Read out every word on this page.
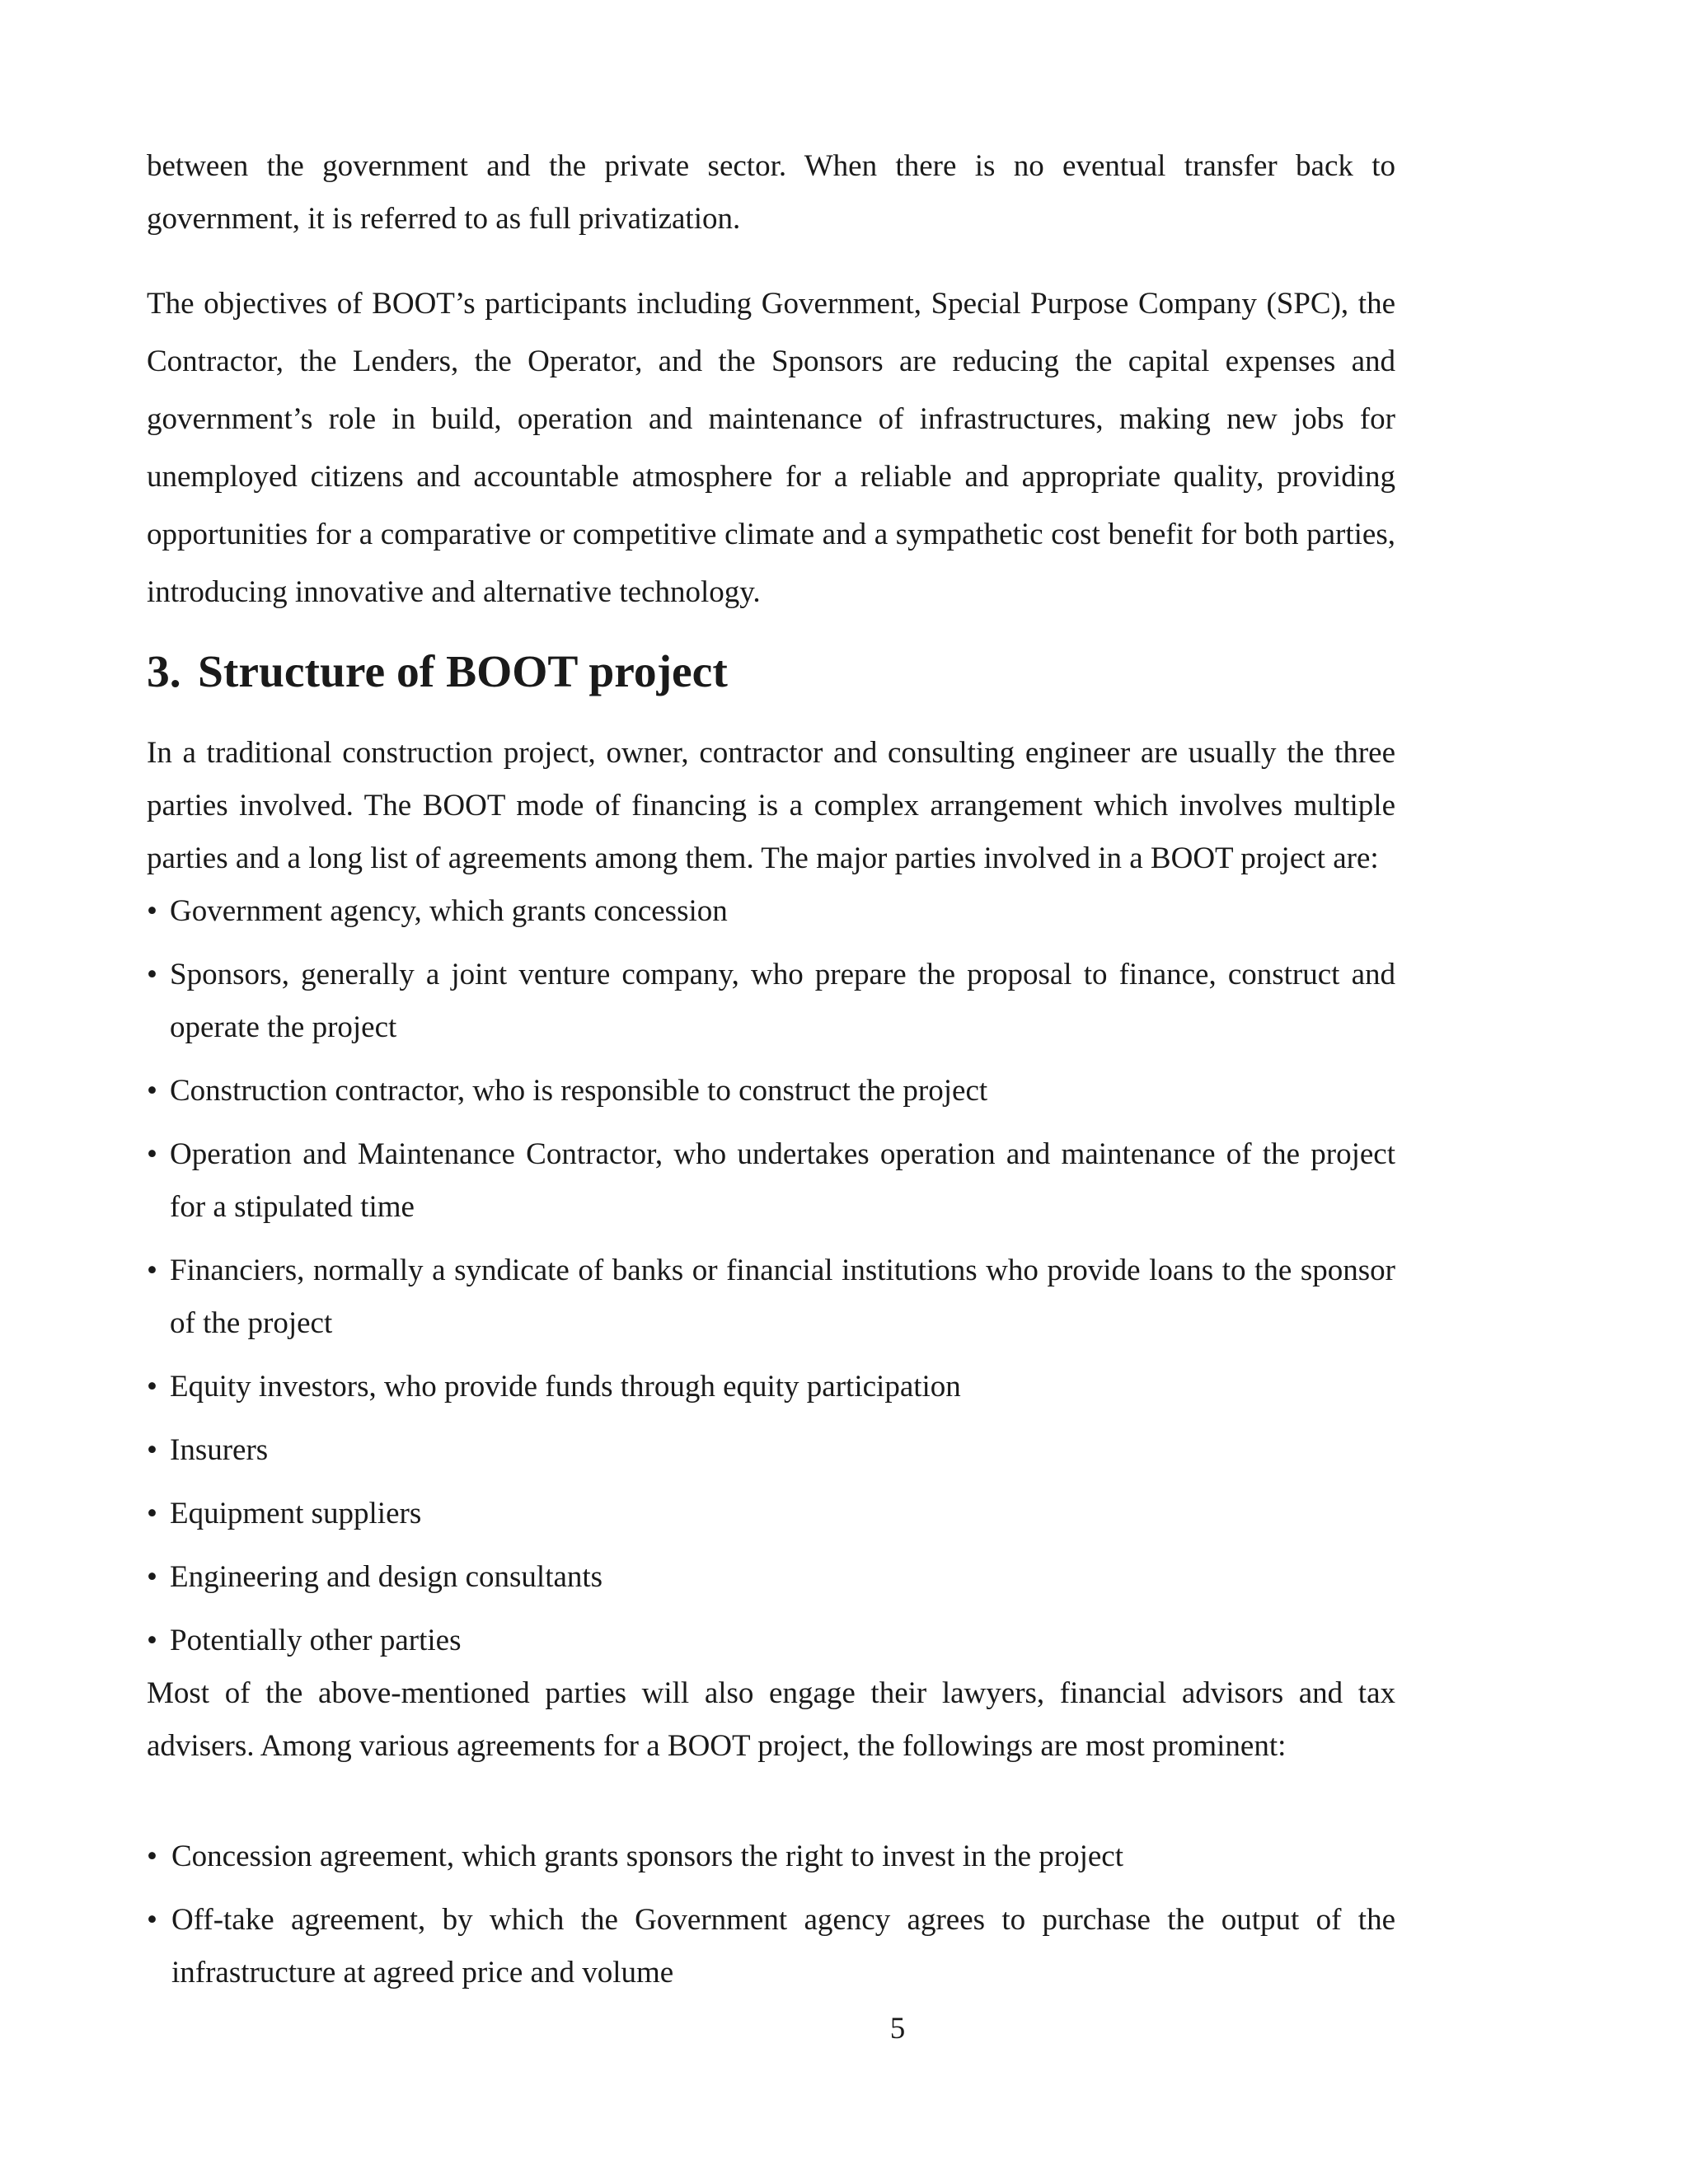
between the government and the private sector. When there is no eventual transfer back to government, it is referred to as full privatization.

The objectives of BOOT’s participants including Government, Special Purpose Company (SPC), the Contractor, the Lenders, the Operator, and the Sponsors are reducing the capital expenses and government’s role in build, operation and maintenance of infrastructures, making new jobs for unemployed citizens and accountable atmosphere for a reliable and appropriate quality, providing opportunities for a comparative or competitive climate and a sympathetic cost benefit for both parties, introducing innovative and alternative technology.

3. Structure of BOOT project

In a traditional construction project, owner, contractor and consulting engineer are usually the three parties involved. The BOOT mode of financing is a complex arrangement which involves multiple parties and a long list of agreements among them. The major parties involved in a BOOT project are:

• Government agency, which grants concession
• Sponsors, generally a joint venture company, who prepare the proposal to finance, construct and operate the project
• Construction contractor, who is responsible to construct the project
• Operation and Maintenance Contractor, who undertakes operation and maintenance of the project for a stipulated time
• Financiers, normally a syndicate of banks or financial institutions who provide loans to the sponsor of the project
• Equity investors, who provide funds through equity participation
• Insurers
• Equipment suppliers
• Engineering and design consultants
• Potentially other parties

Most of the above-mentioned parties will also engage their lawyers, financial advisors and tax advisers. Among various agreements for a BOOT project, the followings are most prominent:

• Concession agreement, which grants sponsors the right to invest in the project
• Off-take agreement, by which the Government agency agrees to purchase the output of the infrastructure at agreed price and volume
5
